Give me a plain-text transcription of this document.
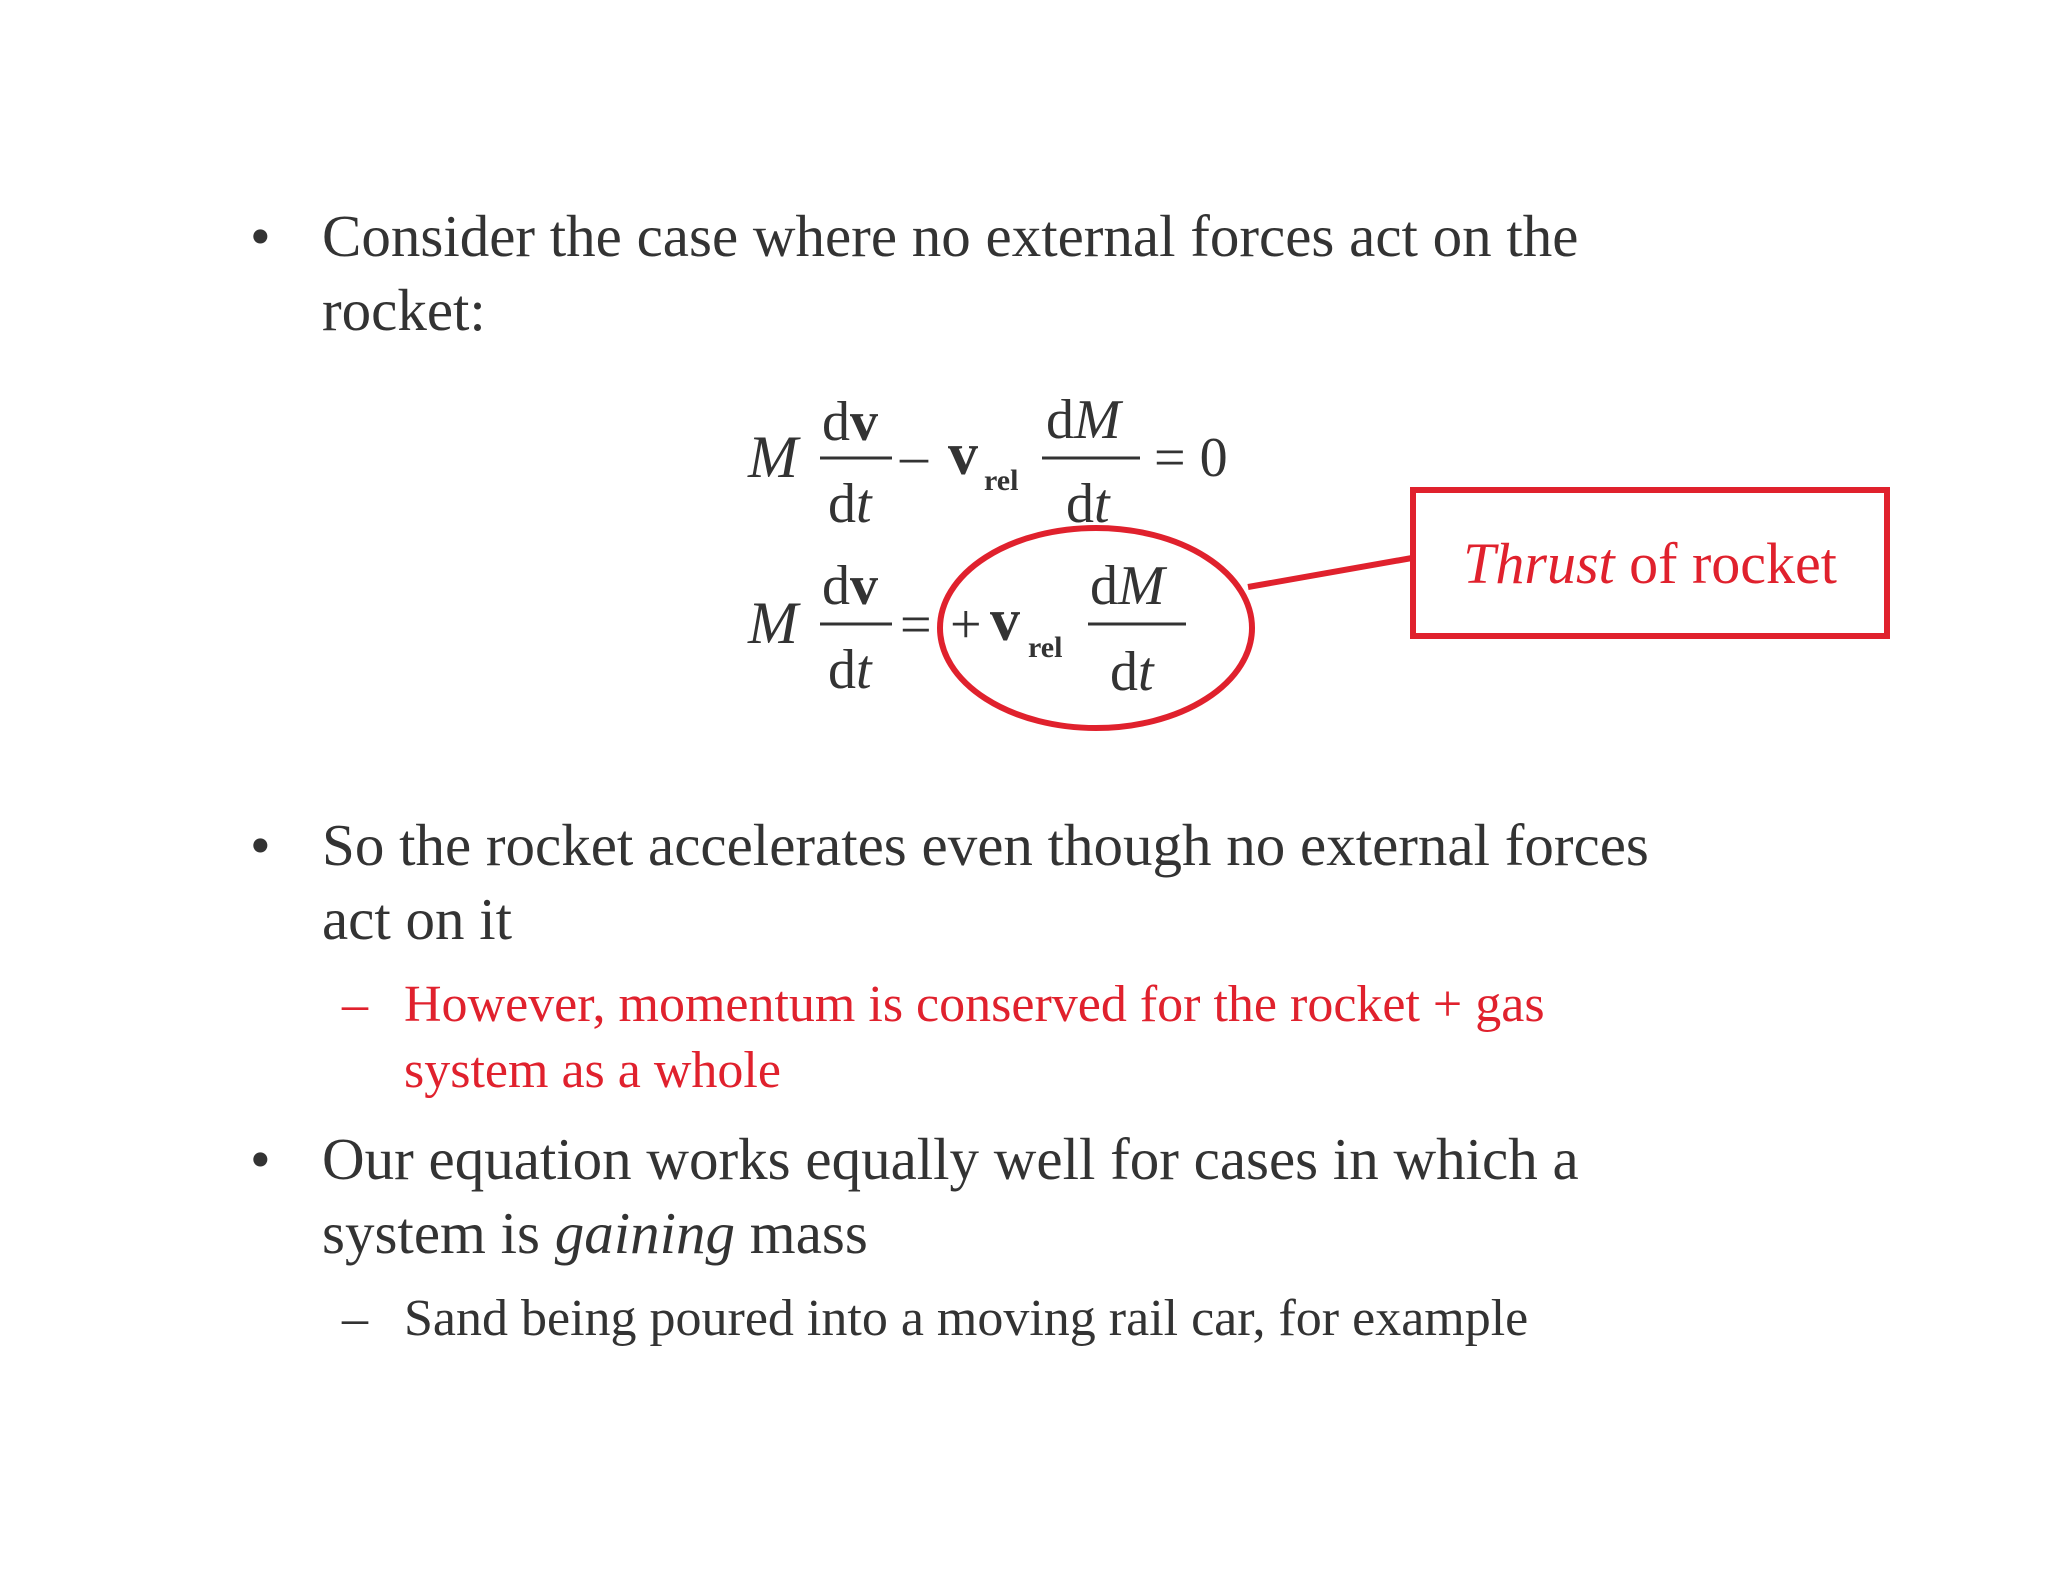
• Consider the case where no external forces act on the
rocket:
M
dv
dt
– v rel
dM
dt
= 0
M
dv
dt
= + v rel
dM
dt
Thrust of rocket
• So the rocket accelerates even though no external forces
act on it
– However, momentum is conserved for the rocket + gas
system as a whole
• Our equation works equally well for cases in which a
system is gaining mass
– Sand being poured into a moving rail car, for example
